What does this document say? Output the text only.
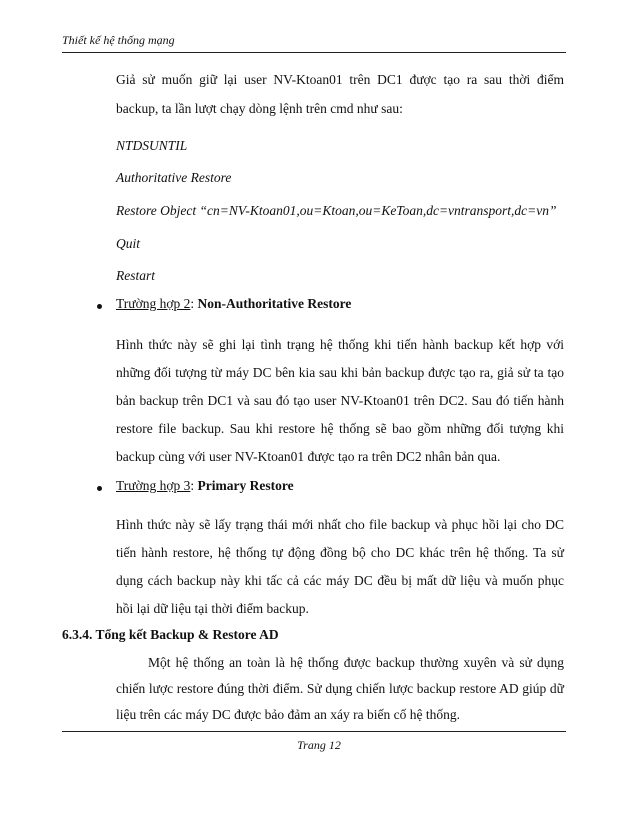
Thiết kế hệ thống mạng
Giả sử muốn giữ lại user NV-Ktoan01 trên DC1 được tạo ra sau thời điểm
backup, ta lần lượt chạy dòng lệnh trên cmd như sau:
NTDSUNTIL
Authoritative Restore
Restore Object “cn=NV-Ktoan01,ou=Ktoan,ou=KeToan,dc=vntransport,dc=vn”
Quit
Restart
Trường hợp 2: Non-Authoritative Restore
Hình thức này sẽ ghi lại tình trạng hệ thống khi tiến hành backup kết hợp với
những đối tượng từ máy DC bên kia sau khi bản backup được tạo ra, giả sử ta tạo
bản backup trên DC1 và sau đó tạo user NV-Ktoan01 trên DC2. Sau đó tiến hành
restore file backup. Sau khi restore hệ thống sẽ bao gồm những đối tượng khi
backup cùng với user NV-Ktoan01 được tạo ra trên DC2 nhân bản qua.
Trường hợp 3: Primary Restore
Hình thức này sẽ lấy trạng thái mới nhất cho file backup và phục hồi lại cho DC
tiến hành restore, hệ thống tự động đồng bộ cho DC khác trên hệ thống. Ta sử
dụng cách backup này khi tấc cả các máy DC đều bị mất dữ liệu và muốn phục
hồi lại dữ liệu tại thời điểm backup.
6.3.4. Tổng kết Backup & Restore AD
Một hệ thống an toàn là hệ thống được backup thường xuyên và sử dụng
chiến lược restore đúng thời điểm. Sử dụng chiến lược backup restore AD giúp dữ
liệu trên các máy DC được bảo đảm an xáy ra biến cố hệ thống.
Trang 12
